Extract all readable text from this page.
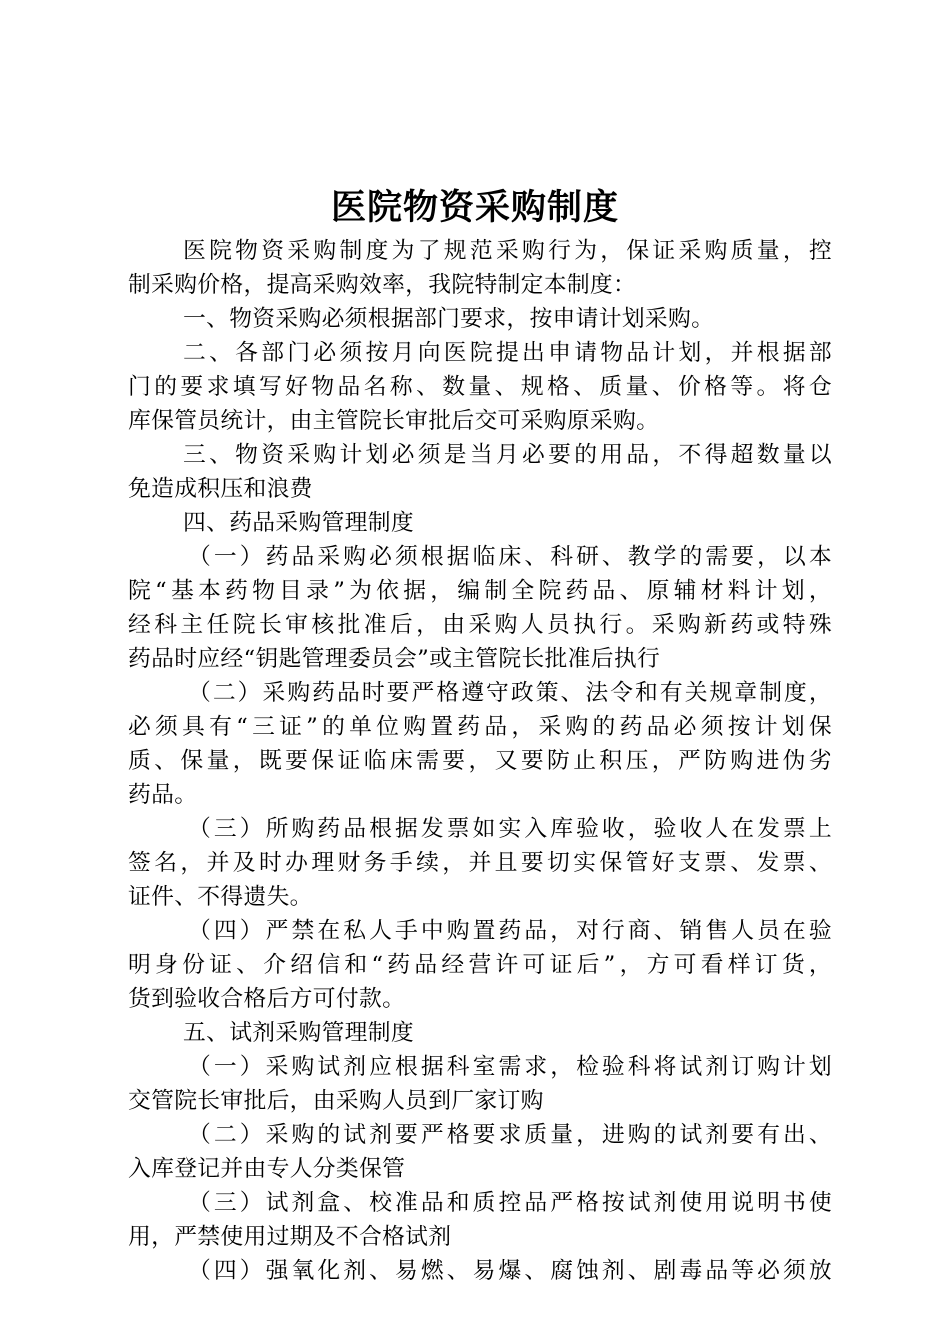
医院物资采购制度
医院物资采购制度为了规范采购行为，保证采购质量，控
制采购价格，提高采购效率，我院特制定本制度：
一、物资采购必须根据部门要求，按申请计划采购。
二、各部门必须按月向医院提出申请物品计划，并根据部
门的要求填写好物品名称、数量、规格、质量、价格等。将仓
库保管员统计，由主管院长审批后交可采购原采购。
三、物资采购计划必须是当月必要的用品，不得超数量以
免造成积压和浪费
四、药品采购管理制度
（一）药品采购必须根据临床、科研、教学的需要，以本
院“基本药物目录”为依据，编制全院药品、原辅材料计划，
经科主任院长审核批准后，由采购人员执行。采购新药或特殊
药品时应经“钥匙管理委员会”或主管院长批准后执行
（二）采购药品时要严格遵守政策、法令和有关规章制度，
必须具有“三证”的单位购置药品，采购的药品必须按计划保
质、保量，既要保证临床需要，又要防止积压，严防购进伪劣
药品。
（三）所购药品根据发票如实入库验收，验收人在发票上
签名，并及时办理财务手续，并且要切实保管好支票、发票、
证件、不得遗失。
（四）严禁在私人手中购置药品，对行商、销售人员在验
明身份证、介绍信和“药品经营许可证后”，方可看样订货，
货到验收合格后方可付款。
五、试剂采购管理制度
（一）采购试剂应根据科室需求，检验科将试剂订购计划
交管院长审批后，由采购人员到厂家订购
（二）采购的试剂要严格要求质量，进购的试剂要有出、
入库登记并由专人分类保管
（三）试剂盒、校准品和质控品严格按试剂使用说明书使
用，严禁使用过期及不合格试剂
（四）强氧化剂、易燃、易爆、腐蚀剂、剧毒品等必须放
